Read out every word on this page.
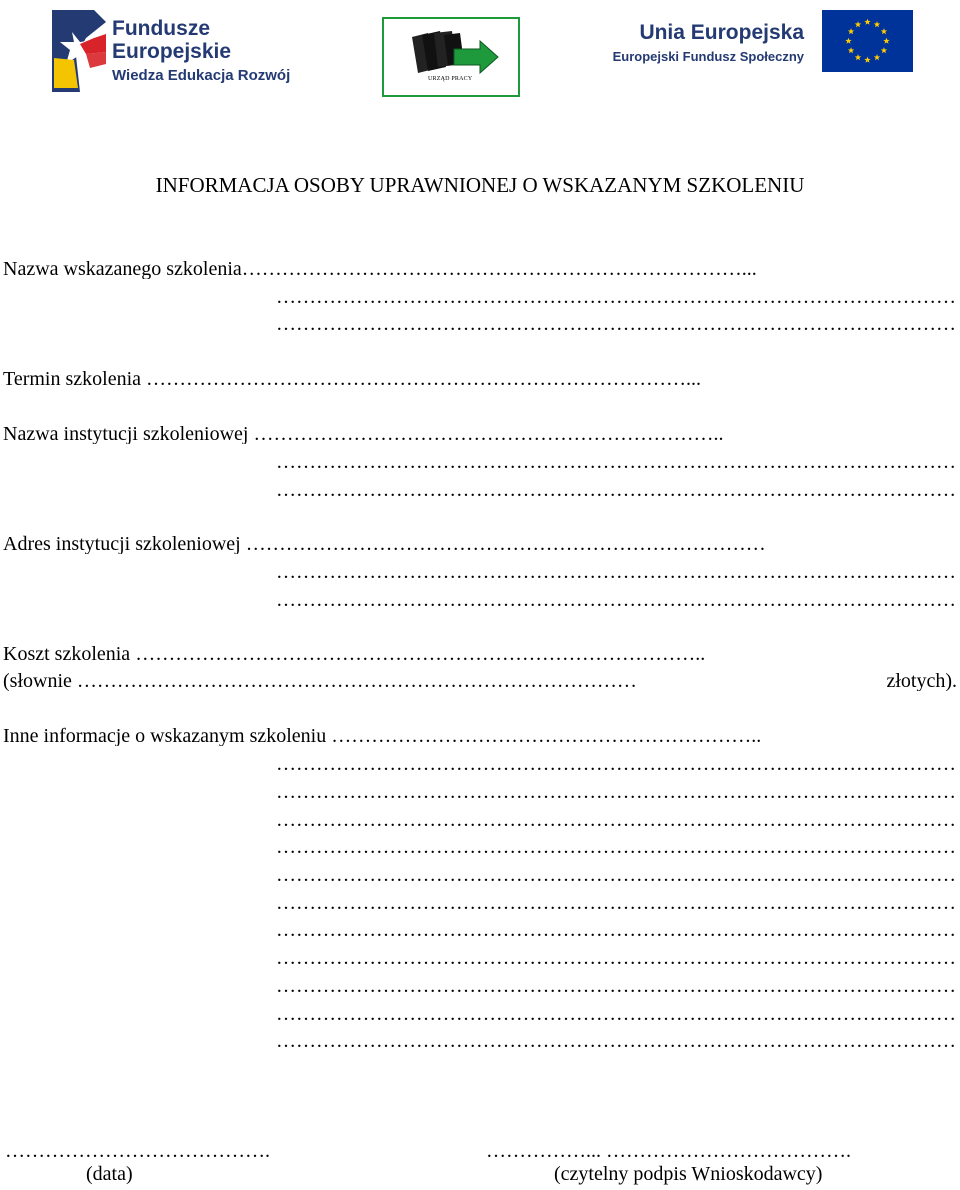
Fundusze
Europejskie
Wiedza Edukacja Rozwój	URZĄD PRACY
Unia Europejska
Europejski Fundusz Społeczny
INFORMACJA OSOBY UPRAWNIONEJ O WSKAZANYM SZKOLENIU
Nazwa wskazanego szkolenia…………………………………………………………………...
…………………………………………………………………………………………
…………………………………………………………………………………………
Termin szkolenia ………………………………………………………………………...
Nazwa instytucji szkoleniowej ……………………………………………………………..
…………………………………………………………………………………………
…………………………………………………………………………………………
Adres instytucji szkoleniowej ……………………………………………………………………
…………………………………………………………………………………………
…………………………………………………………………………………………
Koszt szkolenia …………………………………………………………………………..
(słownie …………………………………………………………………………	złotych).
Inne informacje o wskazanym szkoleniu ………………………………………………………..
…………………………………………………………………………………………
…………………………………………………………………………………………
…………………………………………………………………………………………
…………………………………………………………………………………………
…………………………………………………………………………………………
…………………………………………………………………………………………
…………………………………………………………………………………………
…………………………………………………………………………………………
…………………………………………………………………………………………
…………………………………………………………………………………………
…………………………………………………………………………………………
………………………………….	……………... ……………………………….
(data)	(czytelny podpis Wnioskodawcy)
